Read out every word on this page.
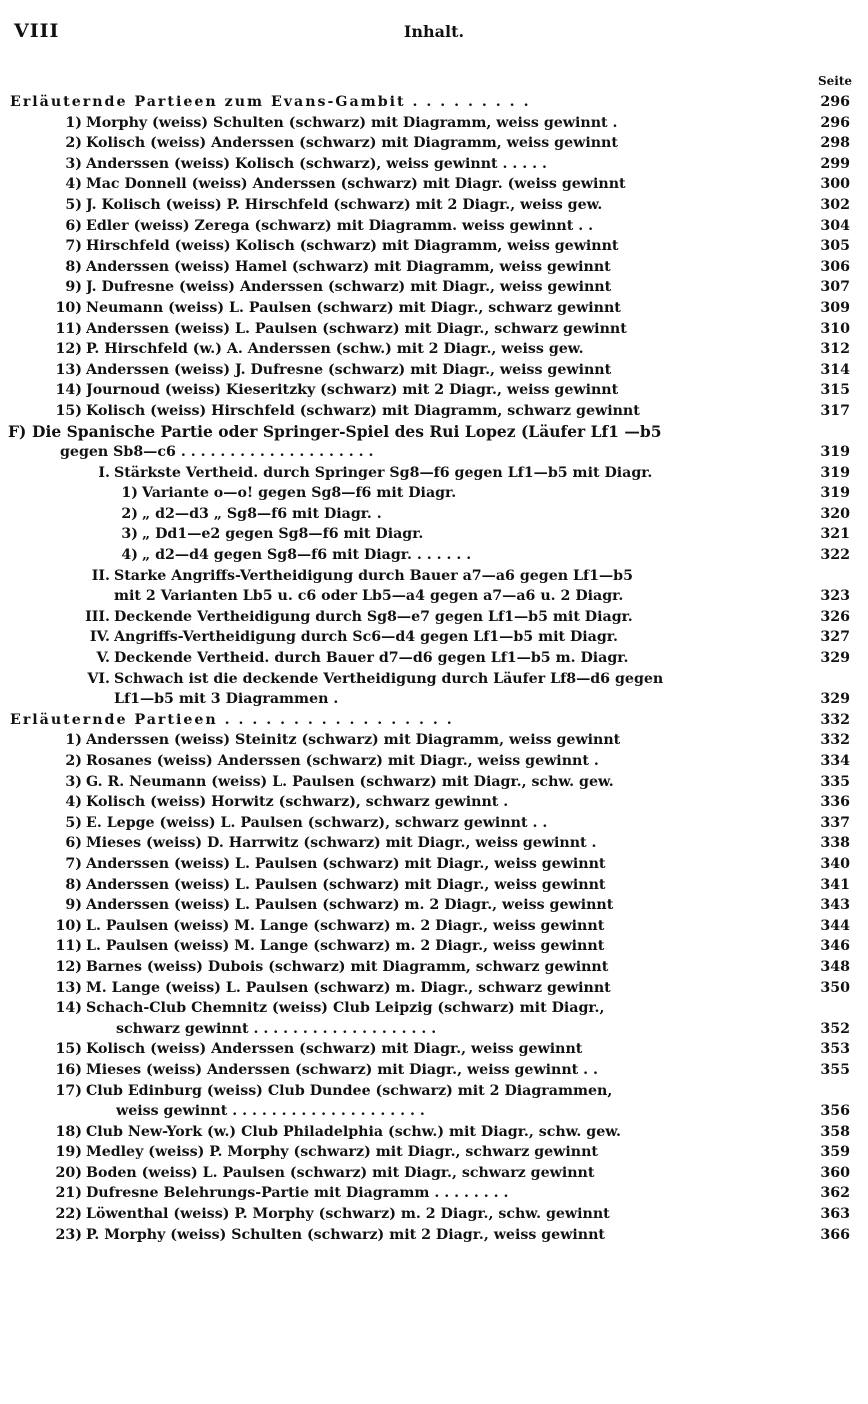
VIII	Inhalt.
Seite
Erläuternde Partieen zum Evans-Gambit . . . . . . . . .	296
1) Morphy (weiss) Schulten (schwarz) mit Diagramm, weiss gewinnt .	296
2) Kolisch (weiss) Anderssen (schwarz) mit Diagramm, weiss gewinnt	298
3) Anderssen (weiss) Kolisch (schwarz), weiss gewinnt . . . . .	299
4) Mac Donnell (weiss) Anderssen (schwarz) mit Diagr. (weiss gewinnt	300
5) J. Kolisch (weiss) P. Hirschfeld (schwarz) mit 2 Diagr., weiss gew.	302
6) Edler (weiss) Zerega (schwarz) mit Diagramm. weiss gewinnt . .	304
7) Hirschfeld (weiss) Kolisch (schwarz) mit Diagramm, weiss gewinnt	305
8) Anderssen (weiss) Hamel (schwarz) mit Diagramm, weiss gewinnt	306
9) J. Dufresne (weiss) Anderssen (schwarz) mit Diagr., weiss gewinnt	307
10) Neumann (weiss) L. Paulsen (schwarz) mit Diagr., schwarz gewinnt	309
11) Anderssen (weiss) L. Paulsen (schwarz) mit Diagr., schwarz gewinnt	310
12) P. Hirschfeld (w.) A. Anderssen (schw.) mit 2 Diagr., weiss gew.	312
13) Anderssen (weiss) J. Dufresne (schwarz) mit Diagr., weiss gewinnt	314
14) Journoud (weiss) Kieseritzky (schwarz) mit 2 Diagr., weiss gewinnt	315
15) Kolisch (weiss) Hirschfeld (schwarz) mit Diagramm, schwarz gewinnt	317
F) Die Spanische Partie oder Springer-Spiel des Rui Lopez (Läufer Lf1 —b5
gegen Sb8—c6 . . . . . . . . . . . . . . . . . . . .	319
I. Stärkste Vertheid. durch Springer Sg8—f6 gegen Lf1—b5 mit Diagr.	319
1) Variante o—o! gegen Sg8—f6 mit Diagr.	319
2) „ d2—d3 „ Sg8—f6 mit Diagr. .	320
3) „ Dd1—e2 gegen Sg8—f6 mit Diagr.	321
4) „ d2—d4 gegen Sg8—f6 mit Diagr. . . . . . .	322
II. Starke Angriffs-Vertheidigung durch Bauer a7—a6 gegen Lf1—b5
mit 2 Varianten Lb5 u. c6 oder Lb5—a4 gegen a7—a6 u. 2 Diagr.	323
III. Deckende Vertheidigung durch Sg8—e7 gegen Lf1—b5 mit Diagr.	326
IV. Angriffs-Vertheidigung durch Sc6—d4 gegen Lf1—b5 mit Diagr.	327
V. Deckende Vertheid. durch Bauer d7—d6 gegen Lf1—b5 m. Diagr.	329
VI. Schwach ist die deckende Vertheidigung durch Läufer Lf8—d6 gegen
Lf1—b5 mit 3 Diagrammen .	329
Erläuternde Partieen . . . . . . . . . . . . . . . . .	332
1) Anderssen (weiss) Steinitz (schwarz) mit Diagramm, weiss gewinnt	332
2) Rosanes (weiss) Anderssen (schwarz) mit Diagr., weiss gewinnt .	334
3) G. R. Neumann (weiss) L. Paulsen (schwarz) mit Diagr., schw. gew.	335
4) Kolisch (weiss) Horwitz (schwarz), schwarz gewinnt .	336
5) E. Lepge (weiss) L. Paulsen (schwarz), schwarz gewinnt . .	337
6) Mieses (weiss) D. Harrwitz (schwarz) mit Diagr., weiss gewinnt .	338
7) Anderssen (weiss) L. Paulsen (schwarz) mit Diagr., weiss gewinnt	340
8) Anderssen (weiss) L. Paulsen (schwarz) mit Diagr., weiss gewinnt	341
9) Anderssen (weiss) L. Paulsen (schwarz) m. 2 Diagr., weiss gewinnt	343
10) L. Paulsen (weiss) M. Lange (schwarz) m. 2 Diagr., weiss gewinnt	344
11) L. Paulsen (weiss) M. Lange (schwarz) m. 2 Diagr., weiss gewinnt	346
12) Barnes (weiss) Dubois (schwarz) mit Diagramm, schwarz gewinnt	348
13) M. Lange (weiss) L. Paulsen (schwarz) m. Diagr., schwarz gewinnt	350
14) Schach-Club Chemnitz (weiss) Club Leipzig (schwarz) mit Diagr.,
schwarz gewinnt . . . . . . . . . . . . . . . . . . .	352
15) Kolisch (weiss) Anderssen (schwarz) mit Diagr., weiss gewinnt	353
16) Mieses (weiss) Anderssen (schwarz) mit Diagr., weiss gewinnt . .	355
17) Club Edinburg (weiss) Club Dundee (schwarz) mit 2 Diagrammen,
weiss gewinnt . . . . . . . . . . . . . . . . . . . .	356
18) Club New-York (w.) Club Philadelphia (schw.) mit Diagr., schw. gew.	358
19) Medley (weiss) P. Morphy (schwarz) mit Diagr., schwarz gewinnt	359
20) Boden (weiss) L. Paulsen (schwarz) mit Diagr., schwarz gewinnt	360
21) Dufresne Belehrungs-Partie mit Diagramm . . . . . . . .	362
22) Löwenthal (weiss) P. Morphy (schwarz) m. 2 Diagr., schw. gewinnt	363
23) P. Morphy (weiss) Schulten (schwarz) mit 2 Diagr., weiss gewinnt	366
